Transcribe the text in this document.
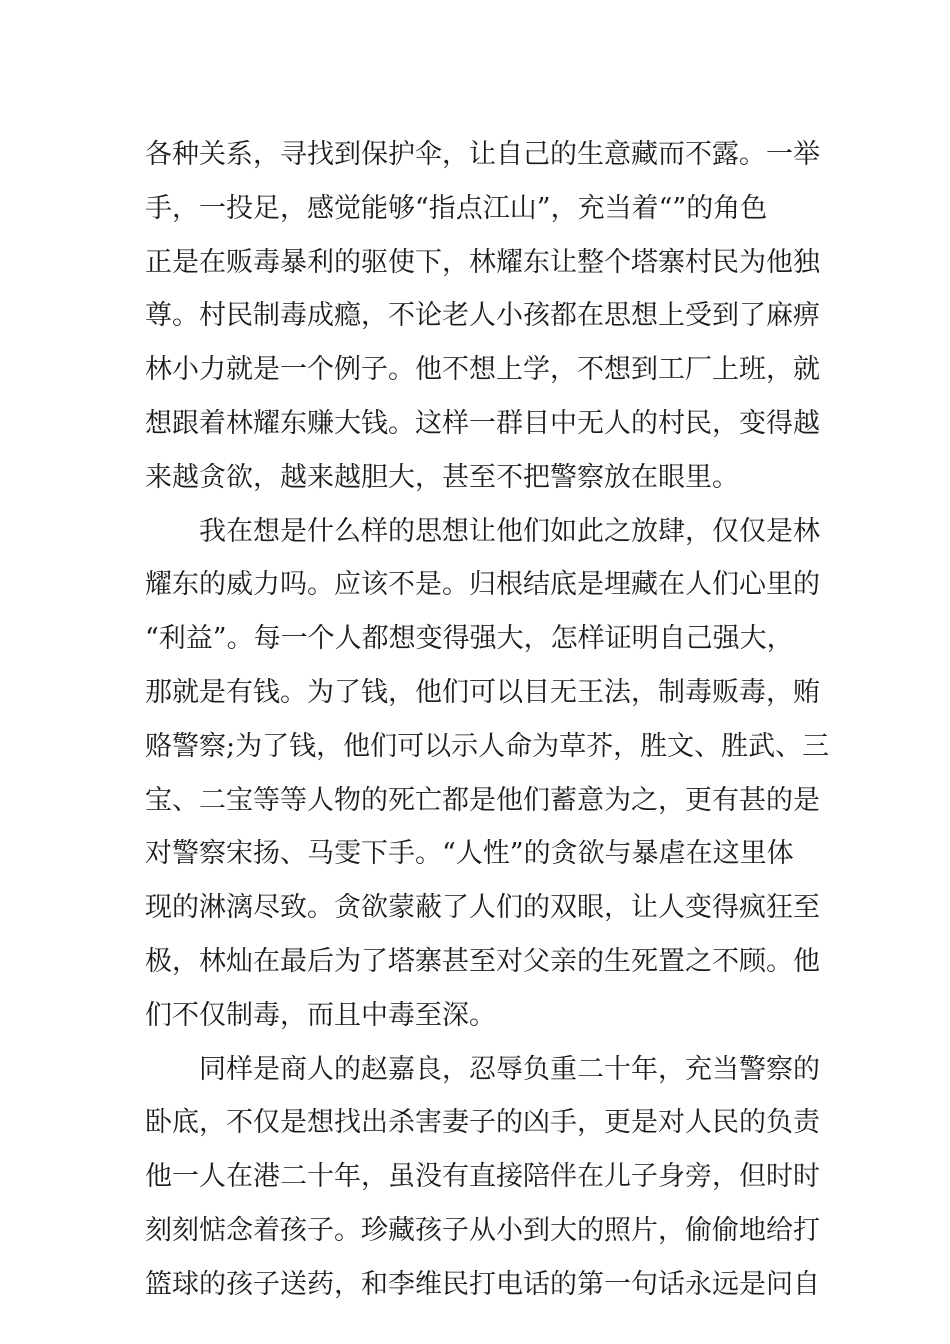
各种关系，寻找到保护伞，让自己的生意藏而不露。一举
手，一投足，感觉能够“指点江山”，充当着“”的角色
正是在贩毒暴利的驱使下，林耀东让整个塔寨村民为他独
尊。村民制毒成瘾，不论老人小孩都在思想上受到了麻痹
林小力就是一个例子。他不想上学，不想到工厂上班，就
想跟着林耀东赚大钱。这样一群目中无人的村民，变得越
来越贪欲，越来越胆大，甚至不把警察放在眼里。
我在想是什么样的思想让他们如此之放肆，仅仅是林
耀东的威力吗。应该不是。归根结底是埋藏在人们心里的
“利益”。每一个人都想变得强大，怎样证明自己强大，
那就是有钱。为了钱，他们可以目无王法，制毒贩毒，贿
赂警察;为了钱，他们可以示人命为草芥，胜文、胜武、三
宝、二宝等等人物的死亡都是他们蓄意为之，更有甚的是
对警察宋扬、马雯下手。“人性”的贪欲与暴虐在这里体
现的淋漓尽致。贪欲蒙蔽了人们的双眼，让人变得疯狂至
极，林灿在最后为了塔寨甚至对父亲的生死置之不顾。他
们不仅制毒，而且中毒至深。
同样是商人的赵嘉良，忍辱负重二十年，充当警察的
卧底，不仅是想找出杀害妻子的凶手，更是对人民的负责
他一人在港二十年，虽没有直接陪伴在儿子身旁，但时时
刻刻惦念着孩子。珍藏孩子从小到大的照片，偷偷地给打
篮球的孩子送药，和李维民打电话的第一句话永远是问自
